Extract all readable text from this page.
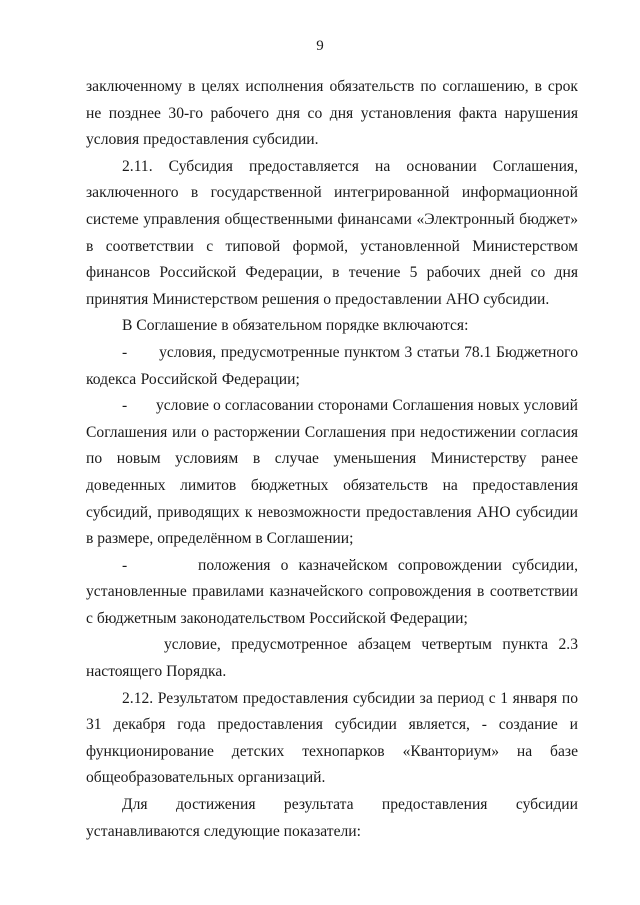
9

заключенному в целях исполнения обязательств по соглашению, в срок не позднее 30-го рабочего дня со дня установления факта нарушения условия предоставления субсидии.

2.11. Субсидия предоставляется на основании Соглашения, заключенного в государственной интегрированной информационной системе управления общественными финансами «Электронный бюджет» в соответствии с типовой формой, установленной Министерством финансов Российской Федерации, в течение 5 рабочих дней со дня принятия Министерством решения о предоставлении АНО субсидии.

В Соглашение в обязательном порядке включаются:

-       условия, предусмотренные пунктом 3 статьи 78.1 Бюджетного кодекса Российской Федерации;

-       условие о согласовании сторонами Соглашения новых условий Соглашения или о расторжении Соглашения при недостижении согласия по новым условиям в случае уменьшения Министерству ранее доведенных лимитов бюджетных обязательств на предоставления субсидий, приводящих к невозможности предоставления АНО субсидии в размере, определённом в Соглашении;

-       положения о казначейском сопровождении субсидии, установленные правилами казначейского сопровождения в соответствии с бюджетным законодательством Российской Федерации;

условие, предусмотренное абзацем четвертым пункта 2.3 настоящего Порядка.

2.12. Результатом предоставления субсидии за период с 1 января по 31 декабря года предоставления субсидии является, - создание и функционирование детских технопарков «Кванториум» на базе общеобразовательных организаций.

Для достижения результата предоставления субсидии устанавливаются следующие показатели:
